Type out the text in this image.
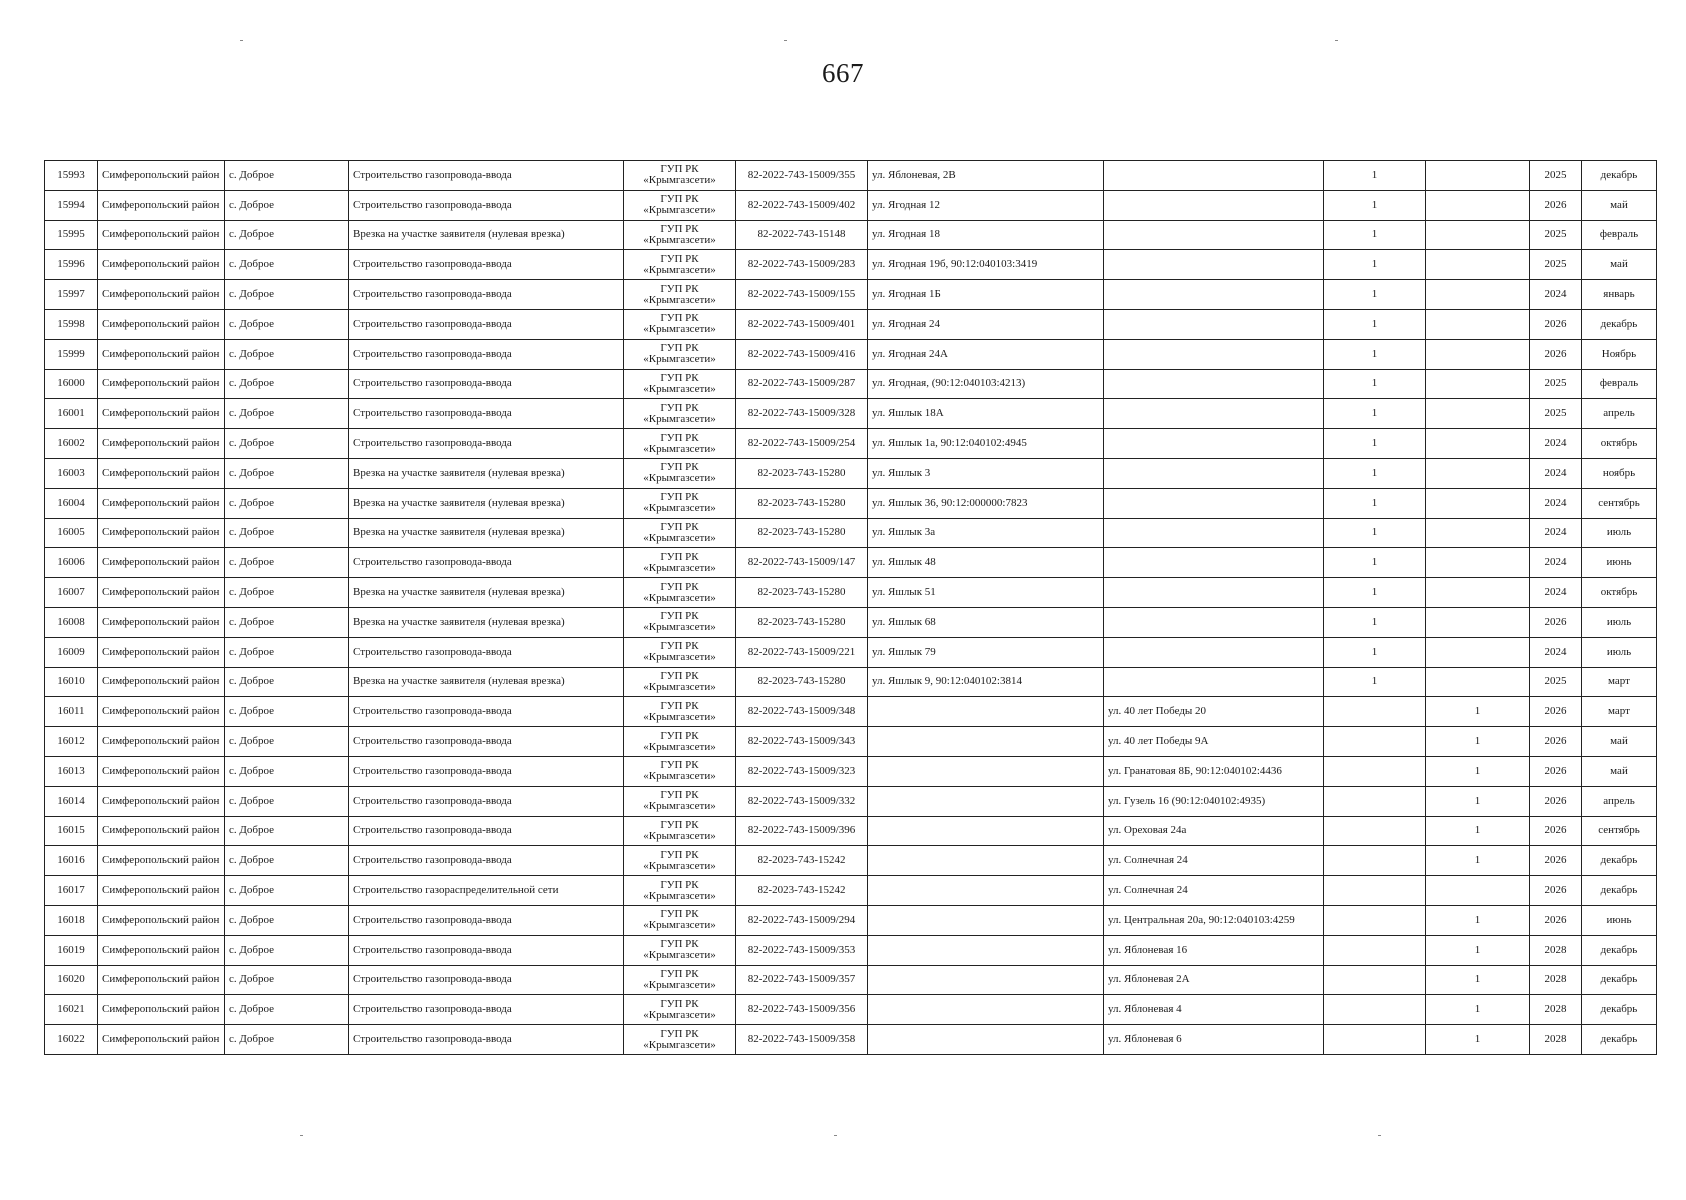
667
15993	Симферопольский район	с. Доброе	Строительство газопровода-ввода	ГУП РК «Крымгазсети»	82-2022-743-15009/355	ул. Яблоневая, 2В		1		2025	декабрь
15994	Симферопольский район	с. Доброе	Строительство газопровода-ввода	ГУП РК «Крымгазсети»	82-2022-743-15009/402	ул. Ягодная 12		1		2026	май
15995	Симферопольский район	с. Доброе	Врезка на участке заявителя (нулевая врезка)	ГУП РК «Крымгазсети»	82-2022-743-15148	ул. Ягодная 18		1		2025	февраль
15996	Симферопольский район	с. Доброе	Строительство газопровода-ввода	ГУП РК «Крымгазсети»	82-2022-743-15009/283	ул. Ягодная 19б, 90:12:040103:3419		1		2025	май
15997	Симферопольский район	с. Доброе	Строительство газопровода-ввода	ГУП РК «Крымгазсети»	82-2022-743-15009/155	ул. Ягодная 1Б		1		2024	январь
15998	Симферопольский район	с. Доброе	Строительство газопровода-ввода	ГУП РК «Крымгазсети»	82-2022-743-15009/401	ул. Ягодная 24		1		2026	декабрь
15999	Симферопольский район	с. Доброе	Строительство газопровода-ввода	ГУП РК «Крымгазсети»	82-2022-743-15009/416	ул. Ягодная 24А		1		2026	Ноябрь
16000	Симферопольский район	с. Доброе	Строительство газопровода-ввода	ГУП РК «Крымгазсети»	82-2022-743-15009/287	ул. Ягодная, (90:12:040103:4213)		1		2025	февраль
16001	Симферопольский район	с. Доброе	Строительство газопровода-ввода	ГУП РК «Крымгазсети»	82-2022-743-15009/328	ул. Яшлык 18А		1		2025	апрель
16002	Симферопольский район	с. Доброе	Строительство газопровода-ввода	ГУП РК «Крымгазсети»	82-2022-743-15009/254	ул. Яшлык 1а, 90:12:040102:4945		1		2024	октябрь
16003	Симферопольский район	с. Доброе	Врезка на участке заявителя (нулевая врезка)	ГУП РК «Крымгазсети»	82-2023-743-15280	ул. Яшлык 3		1		2024	ноябрь
16004	Симферопольский район	с. Доброе	Врезка на участке заявителя (нулевая врезка)	ГУП РК «Крымгазсети»	82-2023-743-15280	ул. Яшлык 36, 90:12:000000:7823		1		2024	сентябрь
16005	Симферопольский район	с. Доброе	Врезка на участке заявителя (нулевая врезка)	ГУП РК «Крымгазсети»	82-2023-743-15280	ул. Яшлык 3а		1		2024	июль
16006	Симферопольский район	с. Доброе	Строительство газопровода-ввода	ГУП РК «Крымгазсети»	82-2022-743-15009/147	ул. Яшлык 48		1		2024	июнь
16007	Симферопольский район	с. Доброе	Врезка на участке заявителя (нулевая врезка)	ГУП РК «Крымгазсети»	82-2023-743-15280	ул. Яшлык 51		1		2024	октябрь
16008	Симферопольский район	с. Доброе	Врезка на участке заявителя (нулевая врезка)	ГУП РК «Крымгазсети»	82-2023-743-15280	ул. Яшлык 68		1		2026	июль
16009	Симферопольский район	с. Доброе	Строительство газопровода-ввода	ГУП РК «Крымгазсети»	82-2022-743-15009/221	ул. Яшлык 79		1		2024	июль
16010	Симферопольский район	с. Доброе	Врезка на участке заявителя (нулевая врезка)	ГУП РК «Крымгазсети»	82-2023-743-15280	ул. Яшлык 9, 90:12:040102:3814		1		2025	март
16011	Симферопольский район	с. Доброе	Строительство газопровода-ввода	ГУП РК «Крымгазсети»	82-2022-743-15009/348		ул. 40 лет Победы 20		1	2026	март
16012	Симферопольский район	с. Доброе	Строительство газопровода-ввода	ГУП РК «Крымгазсети»	82-2022-743-15009/343		ул. 40 лет Победы 9А		1	2026	май
16013	Симферопольский район	с. Доброе	Строительство газопровода-ввода	ГУП РК «Крымгазсети»	82-2022-743-15009/323		ул. Гранатовая 8Б, 90:12:040102:4436		1	2026	май
16014	Симферопольский район	с. Доброе	Строительство газопровода-ввода	ГУП РК «Крымгазсети»	82-2022-743-15009/332		ул. Гузель 16 (90:12:040102:4935)		1	2026	апрель
16015	Симферопольский район	с. Доброе	Строительство газопровода-ввода	ГУП РК «Крымгазсети»	82-2022-743-15009/396		ул. Ореховая 24а		1	2026	сентябрь
16016	Симферопольский район	с. Доброе	Строительство газопровода-ввода	ГУП РК «Крымгазсети»	82-2023-743-15242		ул. Солнечная 24		1	2026	декабрь
16017	Симферопольский район	с. Доброе	Строительство газораспределительной сети	ГУП РК «Крымгазсети»	82-2023-743-15242		ул. Солнечная 24			2026	декабрь
16018	Симферопольский район	с. Доброе	Строительство газопровода-ввода	ГУП РК «Крымгазсети»	82-2022-743-15009/294		ул. Центральная 20а, 90:12:040103:4259		1	2026	июнь
16019	Симферопольский район	с. Доброе	Строительство газопровода-ввода	ГУП РК «Крымгазсети»	82-2022-743-15009/353		ул. Яблоневая 16		1	2028	декабрь
16020	Симферопольский район	с. Доброе	Строительство газопровода-ввода	ГУП РК «Крымгазсети»	82-2022-743-15009/357		ул. Яблоневая 2А		1	2028	декабрь
16021	Симферопольский район	с. Доброе	Строительство газопровода-ввода	ГУП РК «Крымгазсети»	82-2022-743-15009/356		ул. Яблоневая 4		1	2028	декабрь
16022	Симферопольский район	с. Доброе	Строительство газопровода-ввода	ГУП РК «Крымгазсети»	82-2022-743-15009/358		ул. Яблоневая 6		1	2028	декабрь
